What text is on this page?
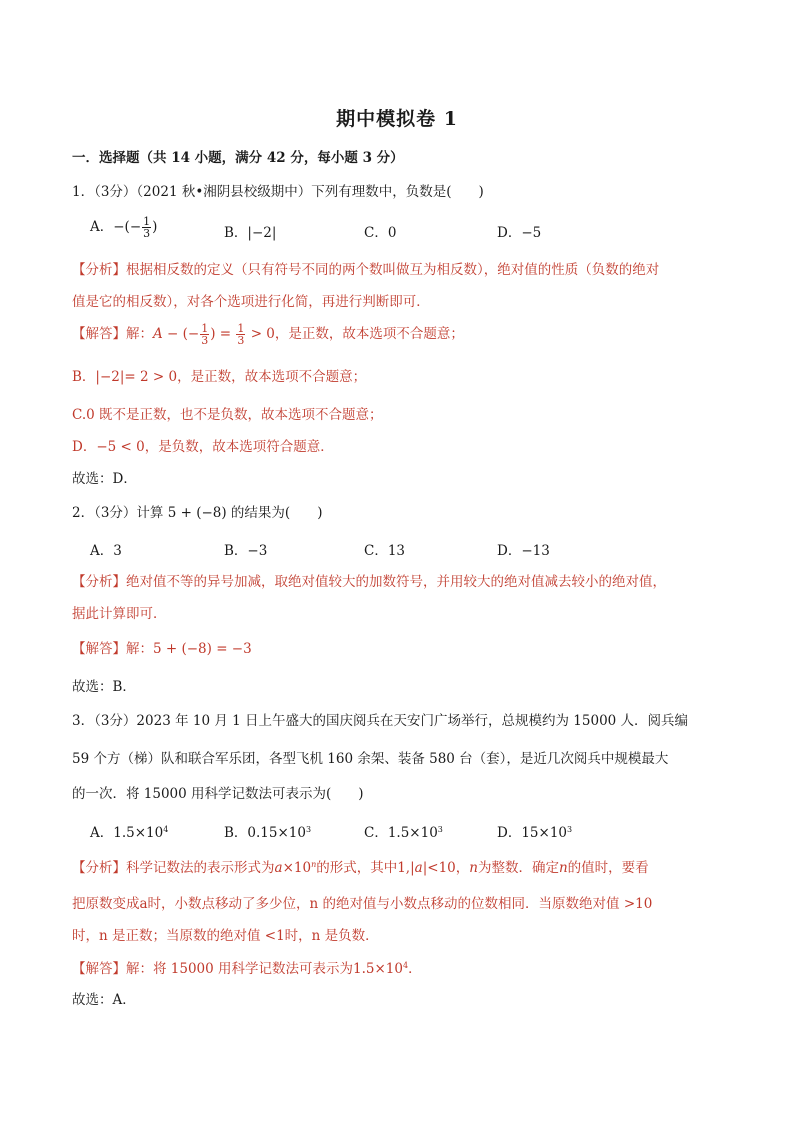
期中模拟卷 1
一．选择题（共 14 小题，满分 42 分，每小题 3 分）
1．（3分）（2021 秋•湘阴县校级期中）下列有理数中，负数是(　　)
A．−(− $\frac{1}{3}$ )	B．|−2|	C．0	D．−5
【分析】根据相反数的定义（只有符号不同的两个数叫做互为相反数），绝对值的性质（负数的绝对
值是它的相反数），对各个选项进行化简，再进行判断即可．
【解答】解：A − (− $\frac{1}{3}$ ) = $\frac{1}{3} > 0$，是正数，故本选项不合题意；
B．|−2|= 2 > 0，是正数，故本选项不合题意；
C.0 既不是正数，也不是负数，故本选项不合题意；
D．−5 < 0，是负数，故本选项符合题意．
故选：D．
2．（3分）计算 5 + (−8) 的结果为(　　)
A．3	B．−3	C．13	D．−13
【分析】绝对值不等的异号加减，取绝对值较大的加数符号，并用较大的绝对值减去较小的绝对值，
据此计算即可．
【解答】解：5 + (−8) = −3
故选：B．
3．（3分）2023 年 10 月 1 日上午盛大的国庆阅兵在天安门广场举行，总规模约为 15000 人．阅兵编
59 个方（梯）队和联合军乐团，各型飞机 160 余架、装备 580 台（套），是近几次阅兵中规模最大
的一次．将 15000 用科学记数法可表示为(　　)
A．$1.5\times 10^4$	B．$0.15\times 10^3$	C．$1.5\times 10^3$	D．$15\times 10^3$
【分析】科学记数法的表示形式为$a\times 10^n$的形式，其中1,|a|<10，n为整数．确定n的值时，要看
把原数变成a时，小数点移动了多少位，n 的绝对值与小数点移动的位数相同．当原数绝对值 >10
时，n 是正数；当原数的绝对值 <1时，n 是负数．
【解答】解：将 15000 用科学记数法可表示为$1.5\times 10^4$．
故选：A．
